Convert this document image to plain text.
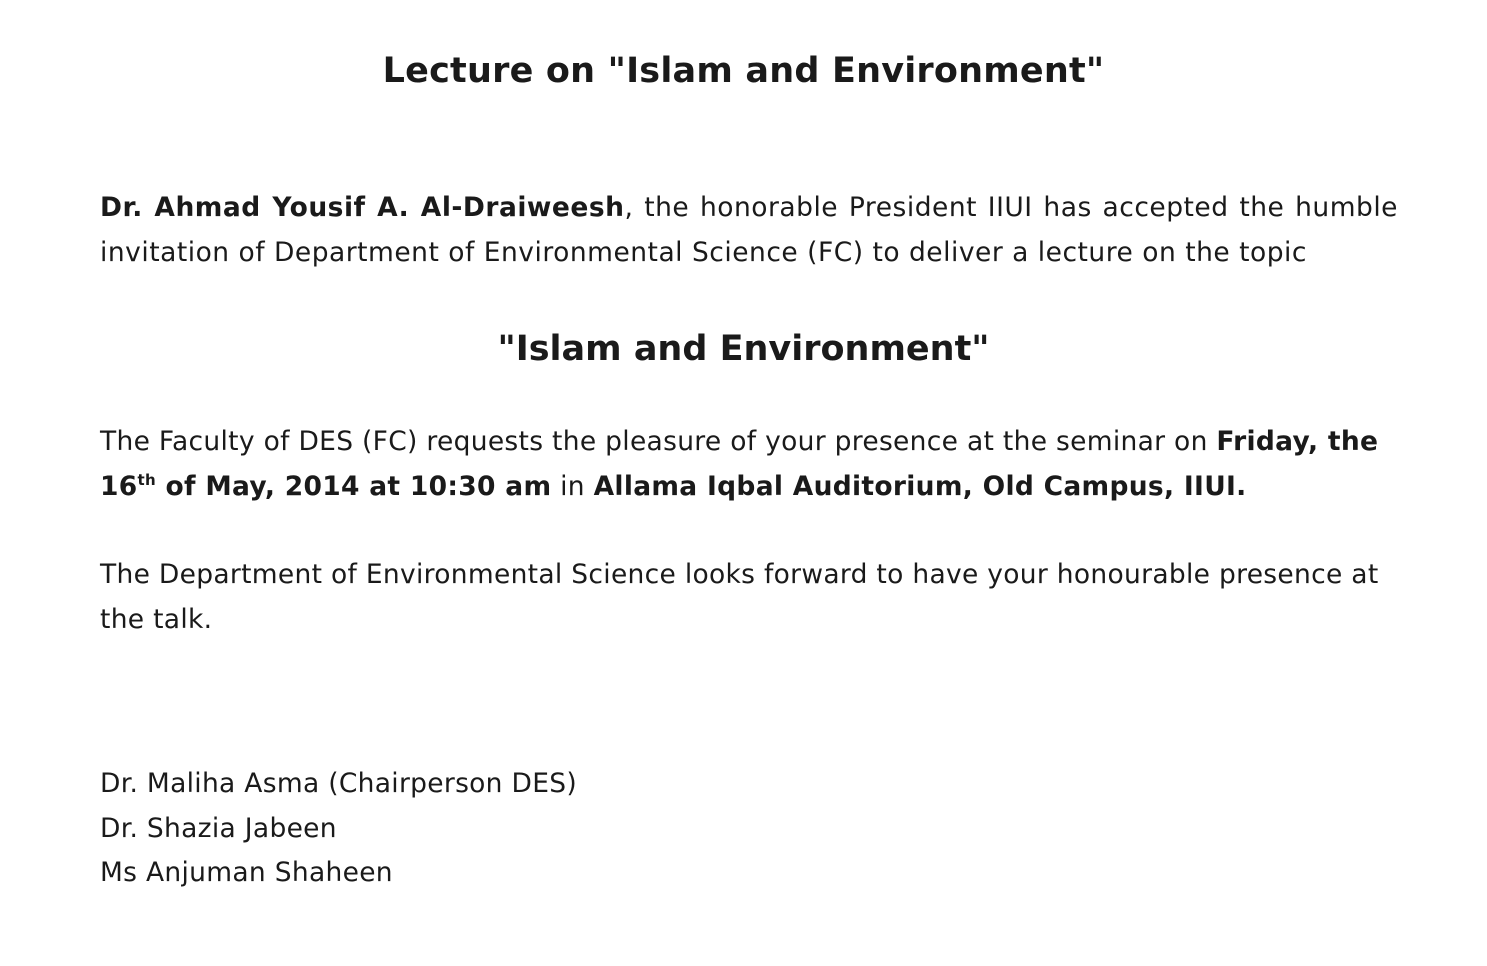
Lecture on "Islam and Environment"
Dr. Ahmad Yousif A. Al-Draiweesh, the honorable President IIUI has accepted the humble invitation of Department of Environmental Science (FC) to deliver a lecture on the topic
"Islam and Environment"
The Faculty of DES (FC) requests the pleasure of your presence at the seminar on Friday, the 16th of May, 2014 at 10:30 am in Allama Iqbal Auditorium, Old Campus, IIUI.
The Department of Environmental Science looks forward to have your honourable presence at the talk.
Dr. Maliha Asma (Chairperson DES)
Dr. Shazia Jabeen
Ms Anjuman Shaheen
